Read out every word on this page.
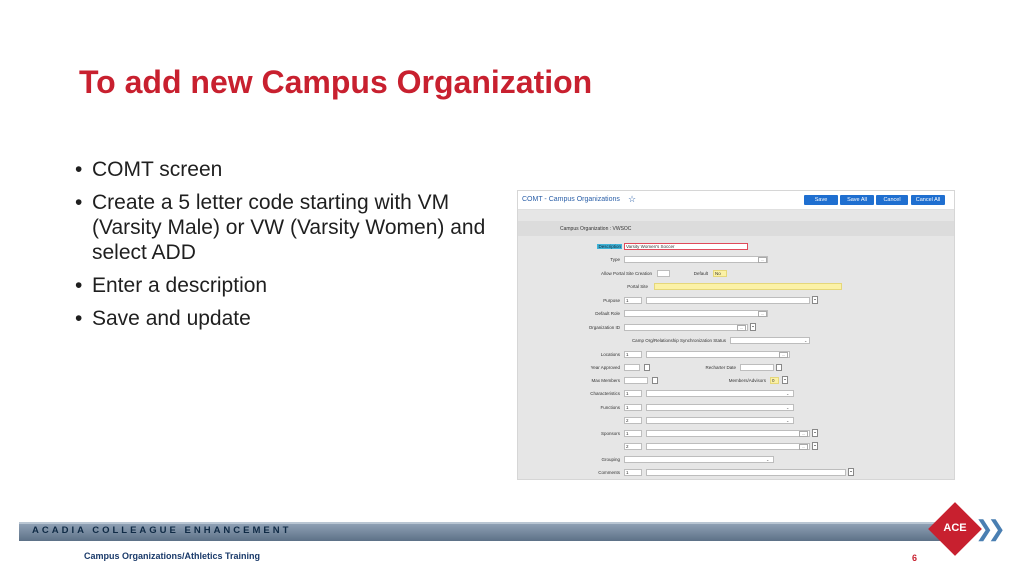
To add new Campus Organization
• COMT screen
• Create a 5 letter code starting with VM (Varsity Male) or VW (Varsity Women) and select ADD
• Enter a description
• Save and update
COMT - Campus Organizations ☆	Save	Save All	Cancel	Cancel All
Campus Organization : VWSOC
Description	Varsity Women's Soccer
Type	…
Allow Portal Site Creation	Default	No
Portal Site
Purpose	1
Default Role	…
Organization ID	…
Camp Org/Relationship Synchronization Status	⌄
Locations	1	…
Year Approved	Recharter Date
Max Members	Members/Advisors	0
Characteristics	1	⌄
Functions	1	⌄
2	⌄
Sponsors	1	…
2	…
Grouping	⌄
Comments	1
ACADIA COLLEAGUE ENHANCEMENT	ACE ❯❯
Campus Organizations/Athletics Training	6
